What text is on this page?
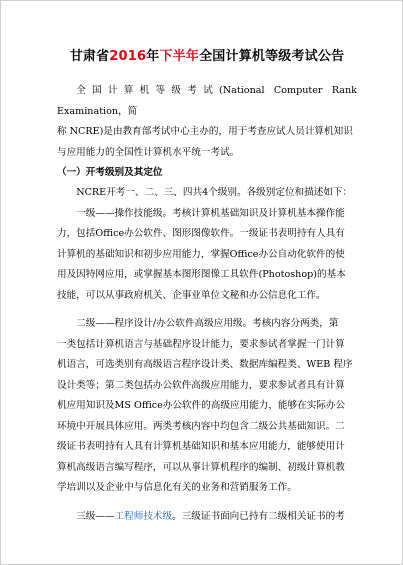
甘肃省2016年下半年全国计算机等级考试公告

全国计算机等级考试(National Computer Rank Examination，简

称 NCRE)是由教育部考试中心主办的，用于考查应试人员计算机知识

与应用能力的全国性计算机水平统一考试。

（一）开考级别及其定位

NCRE开考一、二、三、四共4个级别。各级别定位和描述如下：

一级——操作技能级。考核计算机基础知识及计算机基本操作能

力，包括Office办公软件、图形图像软件。一级证书表明持有人具有

计算机的基础知识和初步应用能力，掌握Office办公自动化软件的使

用及因特网应用，或掌握基本图形图像工具软件(Photoshop)的基本

技能，可以从事政府机关、企事业单位文秘和办公信息化工作。

二级——程序设计/办公软件高级应用级。考核内容分两类，第

一类包括计算机语言与基础程序设计能力，要求参试者掌握一门计算

机语言，可选类别有高级语言程序设计类、数据库编程类、WEB 程序

设计类等；第二类包括办公软件高级应用能力，要求参试者具有计算

机应用知识及MS Office办公软件的高级应用能力，能够在实际办公

环境中开展具体应用。两类考核内容中均包含二级公共基础知识。二

级证书表明持有人具有计算机基础知识和基本应用能力，能够使用计

算机高级语言编写程序，可以从事计算机程序的编制、初级计算机教

学培训以及企业中与信息化有关的业务和营销服务工作。

三级——工程师技术级。三级证书面向已持有二级相关证书的考
